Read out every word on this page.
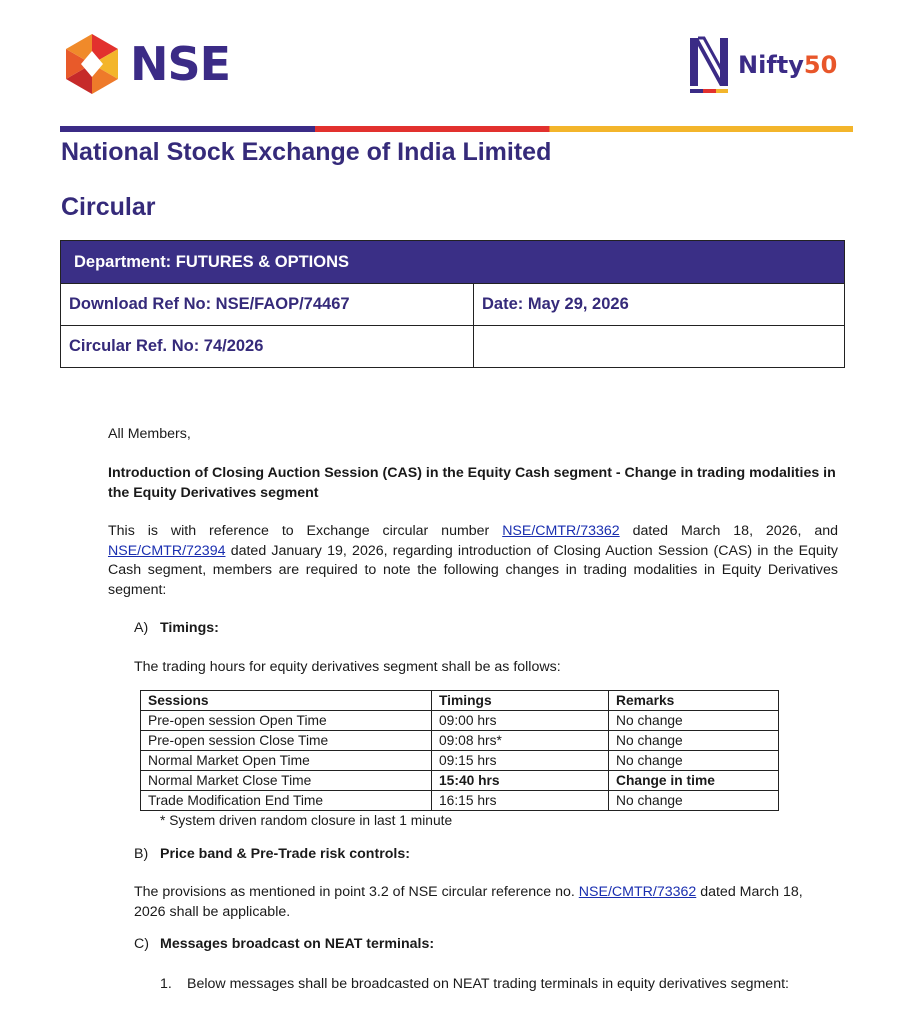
NSE	Nifty50
National Stock Exchange of India Limited
Circular
Department: FUTURES & OPTIONS	
Download Ref No: NSE/FAOP/74467	Date: May 29, 2026
Circular Ref. No: 74/2026	
All Members,
Introduction of Closing Auction Session (CAS) in the Equity Cash segment - Change in trading modalities in the Equity Derivatives segment
This is with reference to Exchange circular number NSE/CMTR/73362 dated March 18, 2026, and NSE/CMTR/72394 dated January 19, 2026, regarding introduction of Closing Auction Session (CAS) in the Equity Cash segment, members are required to note the following changes in trading modalities in Equity Derivatives segment:
A) Timings:
The trading hours for equity derivatives segment shall be as follows:
Sessions	Timings	Remarks
Pre-open session Open Time	09:00 hrs	No change
Pre-open session Close Time	09:08 hrs*	No change
Normal Market Open Time	09:15 hrs	No change
Normal Market Close Time	15:40 hrs	Change in time
Trade Modification End Time	16:15 hrs	No change
* System driven random closure in last 1 minute
B) Price band & Pre-Trade risk controls:
The provisions as mentioned in point 3.2 of NSE circular reference no. NSE/CMTR/73362 dated March 18, 2026 shall be applicable.
C) Messages broadcast on NEAT terminals:
1. Below messages shall be broadcasted on NEAT trading terminals in equity derivatives segment:
